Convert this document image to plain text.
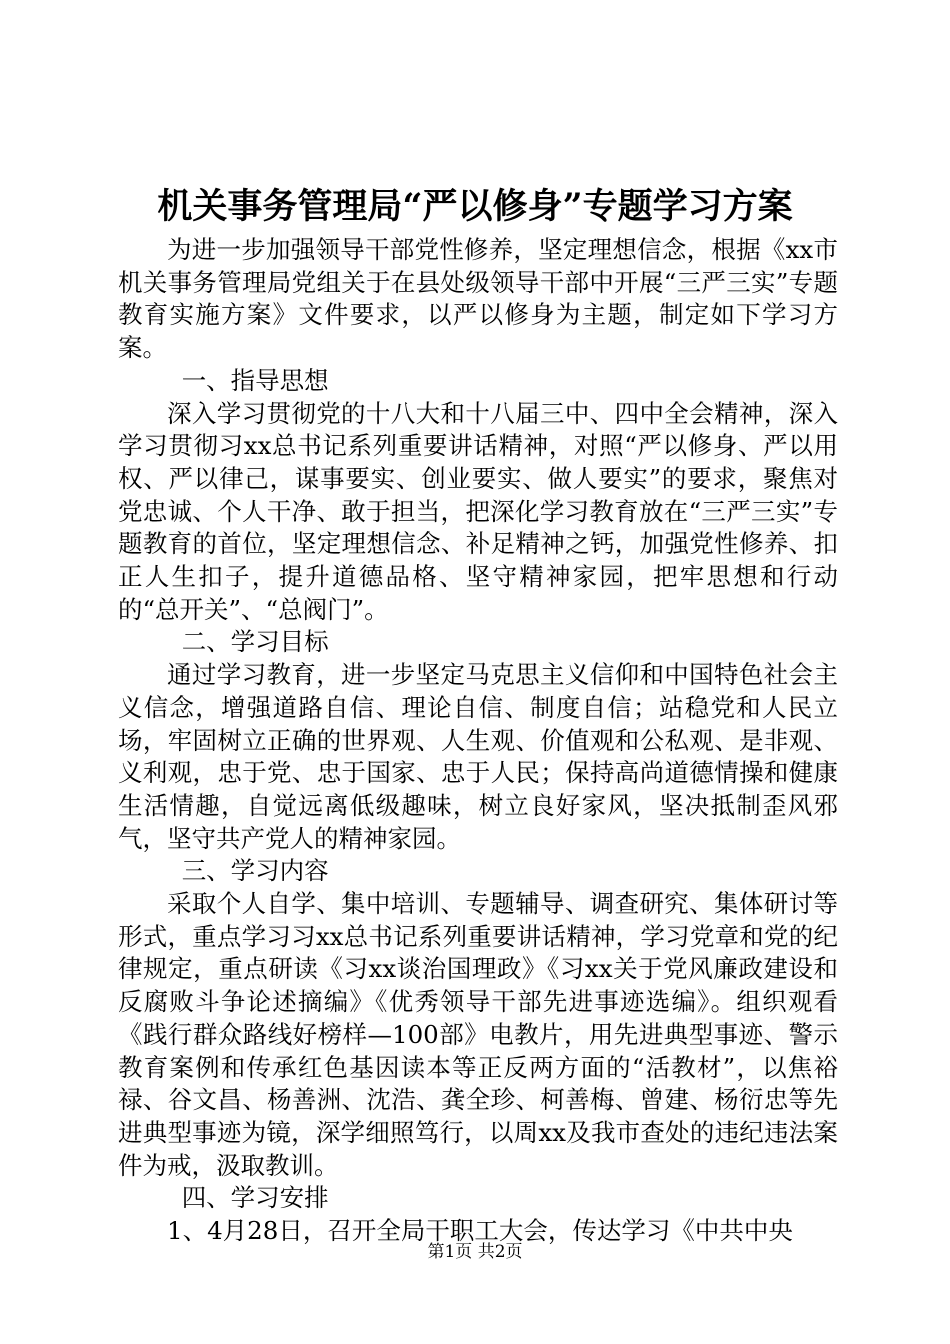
机关事务管理局“严以修身”专题学习方案

为进一步加强领导干部党性修养，坚定理想信念，根据《xx市机关事务管理局党组关于在县处级领导干部中开展“三严三实”专题教育实施方案》文件要求，以严以修身为主题，制定如下学习方案。

一、指导思想

深入学习贯彻党的十八大和十八届三中、四中全会精神，深入学习贯彻习xx总书记系列重要讲话精神，对照“严以修身、严以用权、严以律己，谋事要实、创业要实、做人要实”的要求，聚焦对党忠诚、个人干净、敢于担当，把深化学习教育放在“三严三实”专题教育的首位，坚定理想信念、补足精神之钙，加强党性修养、扣正人生扣子，提升道德品格、坚守精神家园，把牢思想和行动的“总开关”、“总阀门”。

二、学习目标

通过学习教育，进一步坚定马克思主义信仰和中国特色社会主义信念，增强道路自信、理论自信、制度自信；站稳党和人民立场，牢固树立正确的世界观、人生观、价值观和公私观、是非观、义利观，忠于党、忠于国家、忠于人民；保持高尚道德情操和健康生活情趣，自觉远离低级趣味，树立良好家风，坚决抵制歪风邪气，坚守共产党人的精神家园。

三、学习内容

采取个人自学、集中培训、专题辅导、调查研究、集体研讨等形式，重点学习习xx总书记系列重要讲话精神，学习党章和党的纪律规定，重点研读《习xx谈治国理政》《习xx关于党风廉政建设和反腐败斗争论述摘编》《优秀领导干部先进事迹选编》。组织观看《践行群众路线好榜样—100部》电教片，用先进典型事迹、警示教育案例和传承红色基因读本等正反两方面的“活教材”，以焦裕禄、谷文昌、杨善洲、沈浩、龚全珍、柯善梅、曾建、杨衍忠等先进典型事迹为镜，深学细照笃行，以周xx及我市查处的违纪违法案件为戒，汲取教训。

四、学习安排

1、4月28日，召开全局干职工大会，传达学习《中共中央

第1页 共2页
